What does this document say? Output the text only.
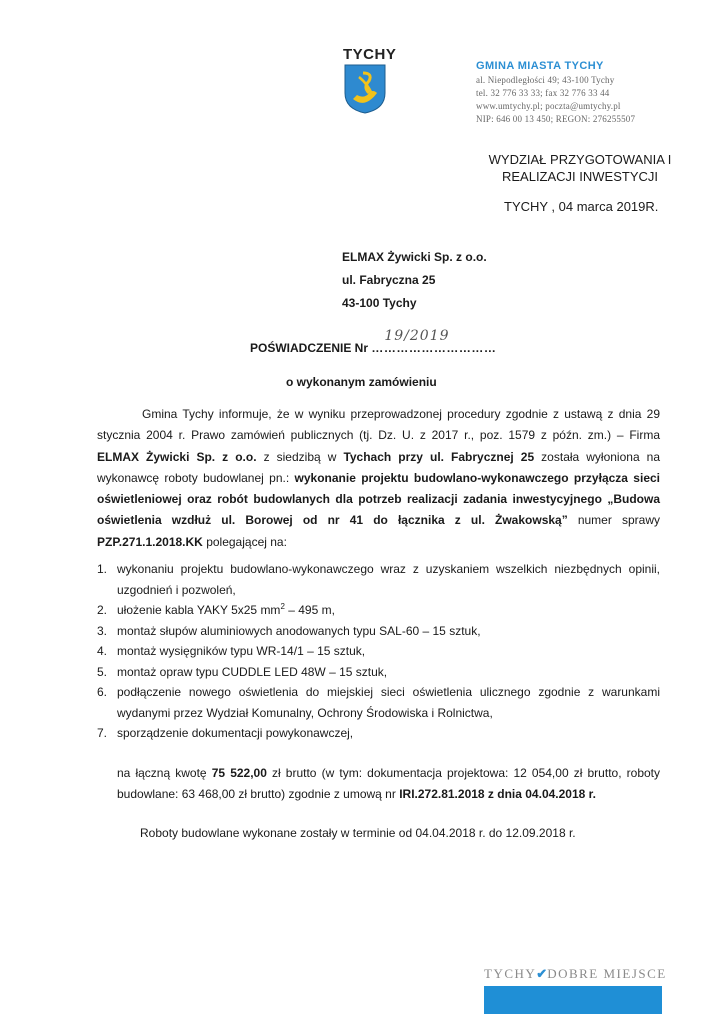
TYCHY
GMINA MIASTA TYCHY
al. Niepodległości 49; 43-100 Tychy
tel. 32 776 33 33; fax 32 776 33 44
www.umtychy.pl; poczta@umtychy.pl
NIP: 646 00 13 450; REGON: 276255507
WYDZIAŁ PRZYGOTOWANIA I
REALIZACJI INWESTYCJI
TYCHY , 04 marca 2019R.
ELMAX Żywicki Sp. z o.o.
ul. Fabryczna 25
43-100 Tychy
POŚWIADCZENIE Nr …………………………
19/2019
o wykonanym zamówieniu
Gmina Tychy informuje, że w wyniku przeprowadzonej procedury zgodnie z ustawą z dnia 29 stycznia 2004 r. Prawo zamówień publicznych (tj. Dz. U. z 2017 r., poz. 1579 z późn. zm.) – Firma ELMAX Żywicki Sp. z o.o. z siedzibą w Tychach przy ul. Fabrycznej 25 została wyłoniona na wykonawcę roboty budowlanej pn.: wykonanie projektu budowlano-wykonawczego przyłącza sieci oświetleniowej oraz robót budowlanych dla potrzeb realizacji zadania inwestycyjnego „Budowa oświetlenia wzdłuż ul. Borowej od nr 41 do łącznika z ul. Żwakowską” numer sprawy PZP.271.1.2018.KK polegającej na:
1. wykonaniu projektu budowlano-wykonawczego wraz z uzyskaniem wszelkich niezbędnych opinii, uzgodnień i pozwoleń,
2. ułożenie kabla YAKY 5x25 $mm^2 - 495$ m,
3. montaż słupów aluminiowych anodowanych typu SAL-60 – 15 sztuk,
4. montaż wysięgników typu WR-14/1 – 15 sztuk,
5. montaż opraw typu CUDDLE LED 48W – 15 sztuk,
6. podłączenie nowego oświetlenia do miejskiej sieci oświetlenia ulicznego zgodnie z warunkami wydanymi przez Wydział Komunalny, Ochrony Środowiska i Rolnictwa,
7. sporządzenie dokumentacji powykonawczej,
na łączną kwotę 75 522,00 zł brutto (w tym: dokumentacja projektowa: 12 054,00 zł brutto, roboty budowlane: 63 468,00 zł brutto) zgodnie z umową nr IRI.272.81.2018 z dnia 04.04.2018 r.
Roboty budowlane wykonane zostały w terminie od 04.04.2018 r. do 12.09.2018 r.
TYCHY✔DOBRE MIEJSCE
